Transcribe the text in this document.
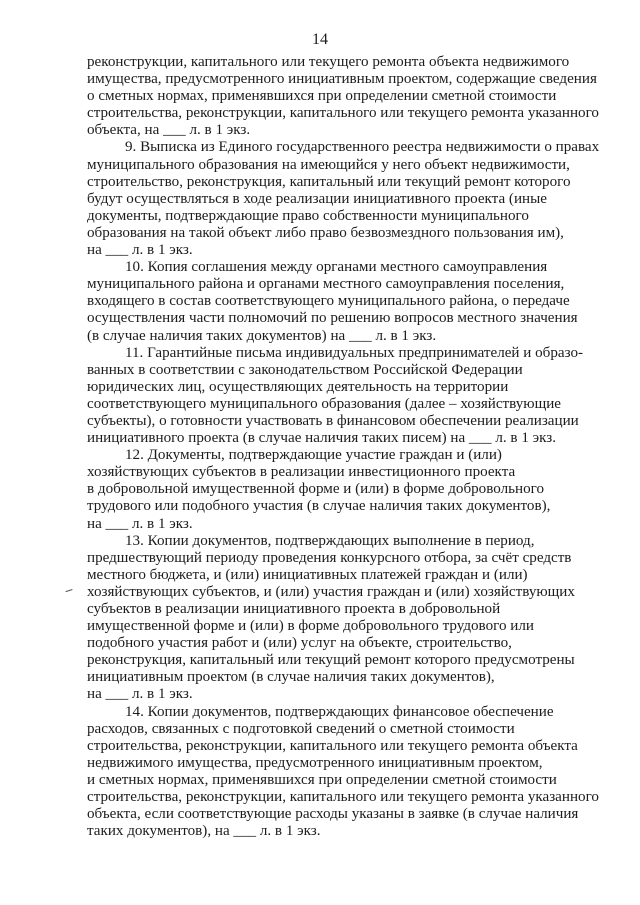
14

реконструкции, капитального или текущего ремонта объекта недвижимого
имущества, предусмотренного инициативным проектом, содержащие сведения
о сметных нормах, применявшихся при определении сметной стоимости
строительства, реконструкции, капитального или текущего ремонта указанного
объекта, на ___ л. в 1 экз.

9. Выписка из Единого государственного реестра недвижимости о правах
муниципального образования на имеющийся у него объект недвижимости,
строительство, реконструкция, капитальный или текущий ремонт которого
будут осуществляться в ходе реализации инициативного проекта (иные
документы, подтверждающие право собственности муниципального
образования на такой объект либо право безвозмездного пользования им),
на ___ л. в 1 экз.

10. Копия соглашения между органами местного самоуправления
муниципального района и органами местного самоуправления поселения,
входящего в состав соответствующего муниципального района, о передаче
осуществления части полномочий по решению вопросов местного значения
(в случае наличия таких документов) на ___ л. в 1 экз.

11. Гарантийные письма индивидуальных предпринимателей и образо-
ванных в соответствии с законодательством Российской Федерации
юридических лиц, осуществляющих деятельность на территории
соответствующего муниципального образования (далее – хозяйствующие
субъекты), о готовности участвовать в финансовом обеспечении реализации
инициативного проекта (в случае наличия таких писем) на ___ л. в 1 экз.

12. Документы, подтверждающие участие граждан и (или)
хозяйствующих субъектов в реализации инвестиционного проекта
в добровольной имущественной форме и (или) в форме добровольного
трудового или подобного участия (в случае наличия таких документов),
на ___ л. в 1 экз.

13. Копии документов, подтверждающих выполнение в период,
предшествующий периоду проведения конкурсного отбора, за счёт средств
местного бюджета, и (или) инициативных платежей граждан и (или)
хозяйствующих субъектов, и (или) участия граждан и (или) хозяйствующих
субъектов в реализации инициативного проекта в добровольной
имущественной форме и (или) в форме добровольного трудового или
подобного участия работ и (или) услуг на объекте, строительство,
реконструкция, капитальный или текущий ремонт которого предусмотрены
инициативным проектом (в случае наличия таких документов),
на ___ л. в 1 экз.

14. Копии документов, подтверждающих финансовое обеспечение
расходов, связанных с подготовкой сведений о сметной стоимости
строительства, реконструкции, капитального или текущего ремонта объекта
недвижимого имущества, предусмотренного инициативным проектом,
и сметных нормах, применявшихся при определении сметной стоимости
строительства, реконструкции, капитального или текущего ремонта указанного
объекта, если соответствующие расходы указаны в заявке (в случае наличия
таких документов), на ___ л. в 1 экз.
